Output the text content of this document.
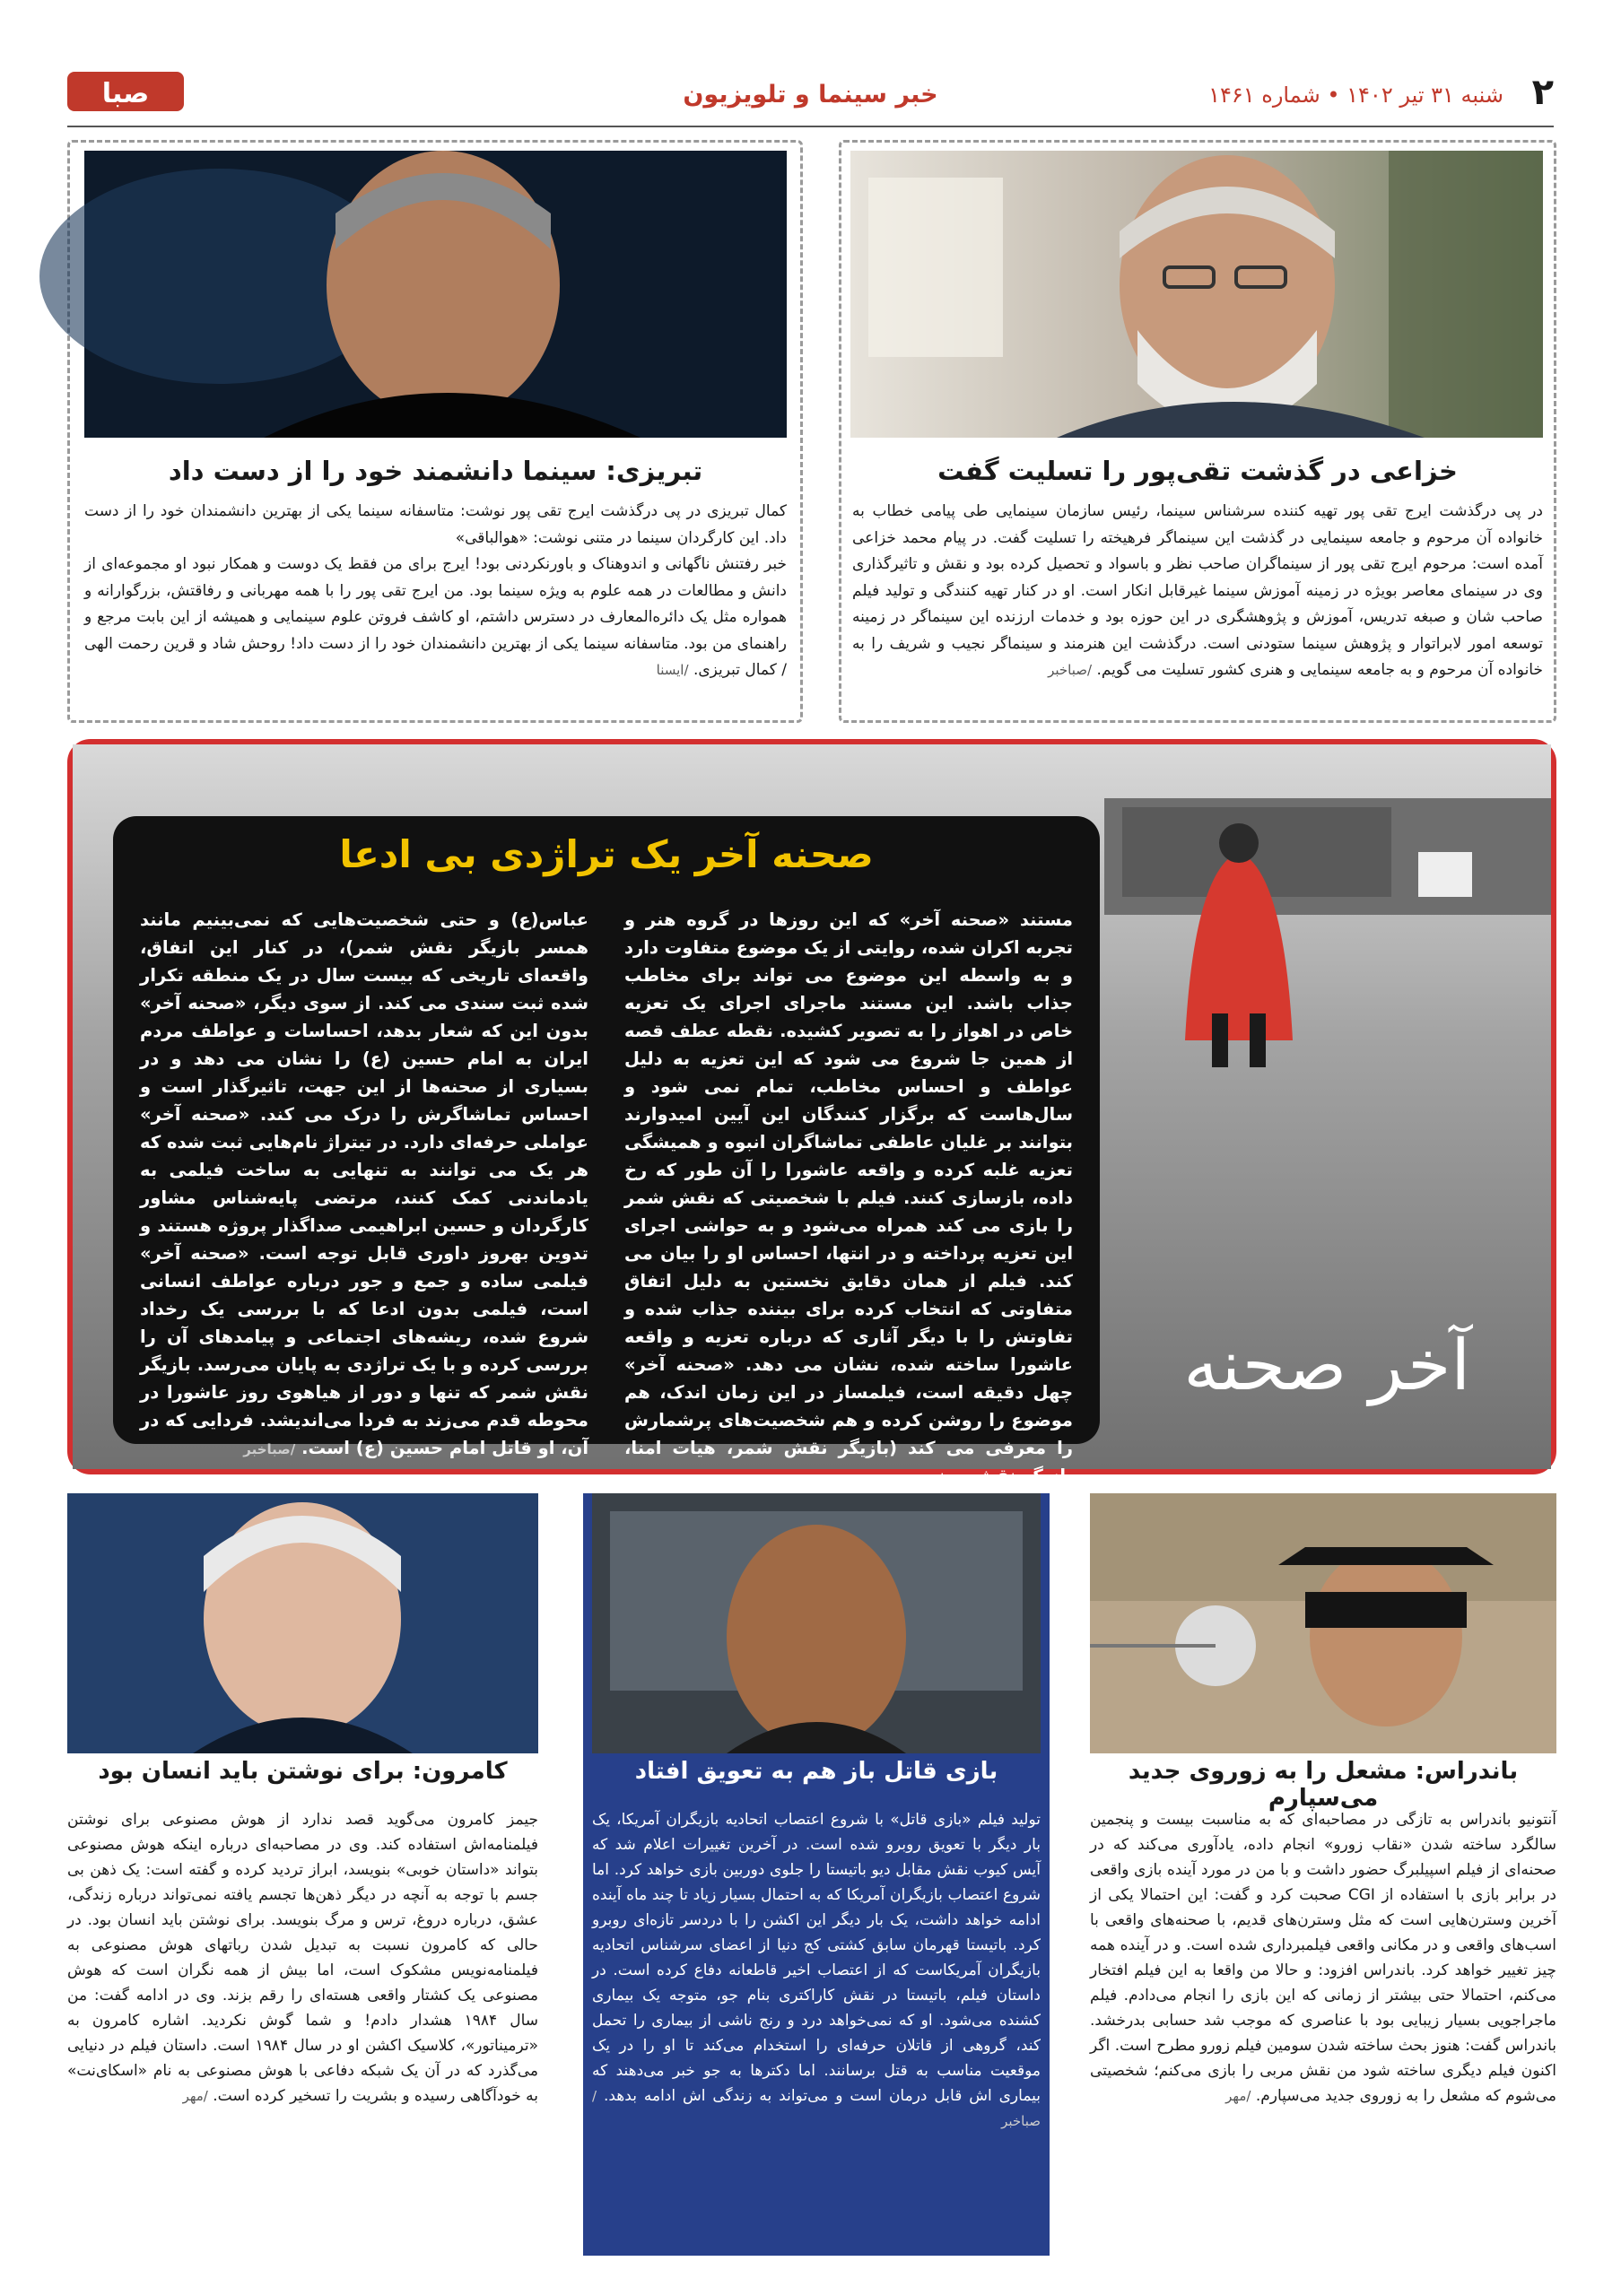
۲
شنبه ۳۱ تیر ۱۴۰۲ • شماره ۱۴۶۱
خبر سینما و تلویزیون
صبا
خزاعی در گذشت تقی‌پور را تسلیت گفت
در پی درگذشت ایرج تقی پور تهیه کننده سرشناس سینما، رئیس سازمان سینمایی طی پیامی خطاب به خانواده آن مرحوم و جامعه سینمایی در گذشت این سینماگر فرهیخته را تسلیت گفت. در پیام محمد خزاعی آمده است: مرحوم ایرج تقی پور از سینماگران صاحب نظر و باسواد و تحصیل کرده بود و نقش و تاثیرگذاری وی در سینمای معاصر بویژه در زمینه آموزش سینما غیرقابل انکار است. او در کنار تهیه کنندگی و تولید فیلم صاحب شان و صبغه تدریس، آموزش و پژوهشگری در این حوزه بود و خدمات ارزنده این سینماگر در زمینه توسعه امور لابراتوار و پژوهش سینما ستودنی است. درگذشت این هنرمند و سینماگر نجیب و شریف را به خانواده آن مرحوم و به جامعه سینمایی و هنری کشور تسلیت می گویم. /صباخبر
تبریزی: سینما دانشمند خود را از دست داد

کمال تبریزی در پی درگذشت ایرج تقی پور نوشت: متاسفانه سینما یکی از بهترین دانشمندان خود را از دست داد. این کارگردان سینما در متنی نوشت: «هوالباقی»

خبر رفتنش ناگهانی و اندوهناک و باورنکردنی بود! ایرج برای من فقط یک دوست و همکار نبود او مجموعه‌ای از دانش و مطالعات در همه علوم به ویژه سینما بود. من ایرج تقی پور را با همه مهربانی و رفاقتش، بزرگوارانه و همواره مثل یک دائره‌المعارف در دسترس داشتم، او کاشف فروتن علوم سینمایی و همیشه از این بابت مرجع و راهنمای من بود. متاسفانه سینما یکی از بهترین دانشمندان خود را از دست داد! روحش شاد و قرین رحمت الهی / کمال تبریزی. /ایسنا

آخر صحنه
صحنه آخر یک تراژدی بی ادعا
مستند «صحنه آخر» که این روزها در گروه هنر و تجربه اکران شده، روایتی از یک موضوع متفاوت دارد و به واسطه این موضوع می تواند برای مخاطب جذاب باشد. این مستند ماجرای اجرای یک تعزیه خاص در اهواز را به تصویر کشیده. نقطه عطف قصه از همین جا شروع می شود که این تعزیه به دلیل عواطف و احساس مخاطب، تمام نمی شود و سال‌هاست که برگزار کنندگان این آیین امیدوارند بتوانند بر غلیان عاطفی تماشاگران انبوه و همیشگی تعزیه غلبه کرده و واقعه عاشورا را آن طور که رخ داده، بازسازی کنند. فیلم با شخصیتی که نقش شمر را بازی می کند همراه می‌شود و به حواشی اجرای این تعزیه پرداخته و در انتها، احساس او را بیان می کند. فیلم از همان دقایق نخستین به دلیل اتفاق متفاوتی که انتخاب کرده برای بیننده جذاب شده و تفاوتش را با دیگر آثاری که درباره تعزیه و واقعه عاشورا ساخته شده، نشان می دهد. «صحنه آخر» چهل دقیقه است، فیلمساز در این زمان اندک، هم موضوع را روشن کرده و هم شخصیت‌های پرشمارش را معرفی می کند (بازیگر نقش شمر، هیات امنا، بازیگر نقش حضرت
عباس(ع) و حتی شخصیت‌هایی که نمی‌بینیم مانند همسر بازیگر نقش شمر)، در کنار این اتفاق، واقعه‌ای تاریخی که بیست سال در یک منطقه تکرار شده ثبت سندی می کند. از سوی دیگر، «صحنه آخر» بدون این که شعار بدهد، احساسات و عواطف مردم ایران به امام حسین (ع) را نشان می دهد و در بسیاری از صحنه‌ها از این جهت، تاثیرگذار است و احساس تماشاگرش را درک می کند. «صحنه آخر» عواملی حرفه‌ای دارد. در تیتراژ نام‌هایی ثبت شده که هر یک می توانند به تنهایی به ساخت فیلمی به یادماندنی کمک کنند، مرتضی پایه‌شناس مشاور کارگردان و حسین ابراهیمی صداگذار پروژه هستند و تدوین بهروز داوری قابل توجه است. «صحنه آخر» فیلمی ساده و جمع و جور درباره عواطف انسانی است، فیلمی بدون ادعا که با بررسی یک رخداد شروع شده، ریشه‌های اجتماعی و پیامدهای آن را بررسی کرده و با یک تراژدی به پایان می‌رسد. بازیگر نقش شمر که تنها و دور از هیاهوی روز عاشورا در محوطه قدم می‌زند به فردا می‌اندیشد. فردایی که در آن، او قاتل امام حسین (ع) است. /صباخبر
باندراس: مشعل را به زوروی جدید می‌سپارم
آنتونیو باندراس به تازگی در مصاحبه‌ای که به مناسبت بیست و پنجمین سالگرد ساخته شدن «نقاب زورو» انجام داده، یادآوری می‌کند که در صحنه‌ای از فیلم اسپیلبرگ حضور داشت و با من در مورد آینده بازی واقعی در برابر بازی با استفاده از CGI صحبت کرد و گفت: این احتمالا یکی از آخرین وسترن‌هایی است که مثل وسترن‌های قدیم، با صحنه‌های واقعی با اسب‌های واقعی و در مکانی واقعی فیلمبرداری شده است. و در آینده همه چیز تغییر خواهد کرد. باندراس افزود: و حالا من واقعا به این فیلم افتخار می‌کنم، احتمالا حتی بیشتر از زمانی که این بازی را انجام می‌دادم. فیلم ماجراجویی بسیار زیبایی بود با عناصری که موجب شد حسابی بدرخشد. باندراس گفت: هنوز بحث ساخته شدن سومین فیلم زورو مطرح است. اگر اکنون فیلم دیگری ساخته شود من نقش مربی را بازی می‌کنم؛ شخصیتی می‌شوم که مشعل را به زوروی جدید می‌سپارم. /مهر
بازی قاتل باز هم به تعویق افتاد
تولید فیلم «بازی قاتل» با شروع اعتصاب اتحادیه بازیگران آمریکا، یک بار دیگر با تعویق روبرو شده است. در آخرین تغییرات اعلام شد که آیس کیوب نقش مقابل دیو باتیستا را جلوی دوربین بازی خواهد کرد. اما شروع اعتصاب بازیگران آمریکا که به احتمال بسیار زیاد تا چند ماه آینده ادامه خواهد داشت، یک بار دیگر این اکشن را با دردسر تازه‌ای روبرو کرد. باتیستا قهرمان سابق کشتی کج دنیا از اعضای سرشناس اتحادیه بازیگران آمریکاست که از اعتصاب اخیر قاطعانه دفاع کرده است. در داستان فیلم، باتیستا در نقش کاراکتری بنام جو، متوجه یک بیماری کشنده می‌شود. او که نمی‌خواهد درد و رنج ناشی از بیماری را تحمل کند، گروهی از قاتلان حرفه‌ای را استخدام می‌کند تا او را در یک موقعیت مناسب به قتل برسانند. اما دکترها به جو خبر می‌دهند که بیماری اش قابل درمان است و می‌تواند به زندگی اش ادامه بدهد. /صباخبر
کامرون: برای نوشتن باید انسان بود
جیمز کامرون می‌گوید قصد ندارد از هوش مصنوعی برای نوشتن فیلمنامه‌اش استفاده کند. وی در مصاحبه‌ای درباره اینکه هوش مصنوعی بتواند «داستان خوبی» بنویسد، ابراز تردید کرده و گفته است: یک ذهن بی جسم با توجه به آنچه در دیگر ذهن‌ها تجسم یافته نمی‌تواند درباره زندگی، عشق، درباره دروغ، ترس و مرگ بنویسد. برای نوشتن باید انسان بود. در حالی که کامرون نسبت به تبدیل شدن رباتهای هوش مصنوعی به فیلمنامه‌نویس مشکوک است، اما بیش از همه نگران است که هوش مصنوعی یک کشتار واقعی هسته‌ای را رقم بزند. وی در ادامه گفت: من سال ۱۹۸۴ هشدار دادم! و شما گوش نکردید. اشاره کامرون به «ترمیناتور»، کلاسیک اکشن او در سال ۱۹۸۴ است. داستان فیلم در دنیایی می‌گذرد که در آن یک شبکه دفاعی با هوش مصنوعی به نام «اسکای‌نت» به خودآگاهی رسیده و بشریت را تسخیر کرده است. /مهر
